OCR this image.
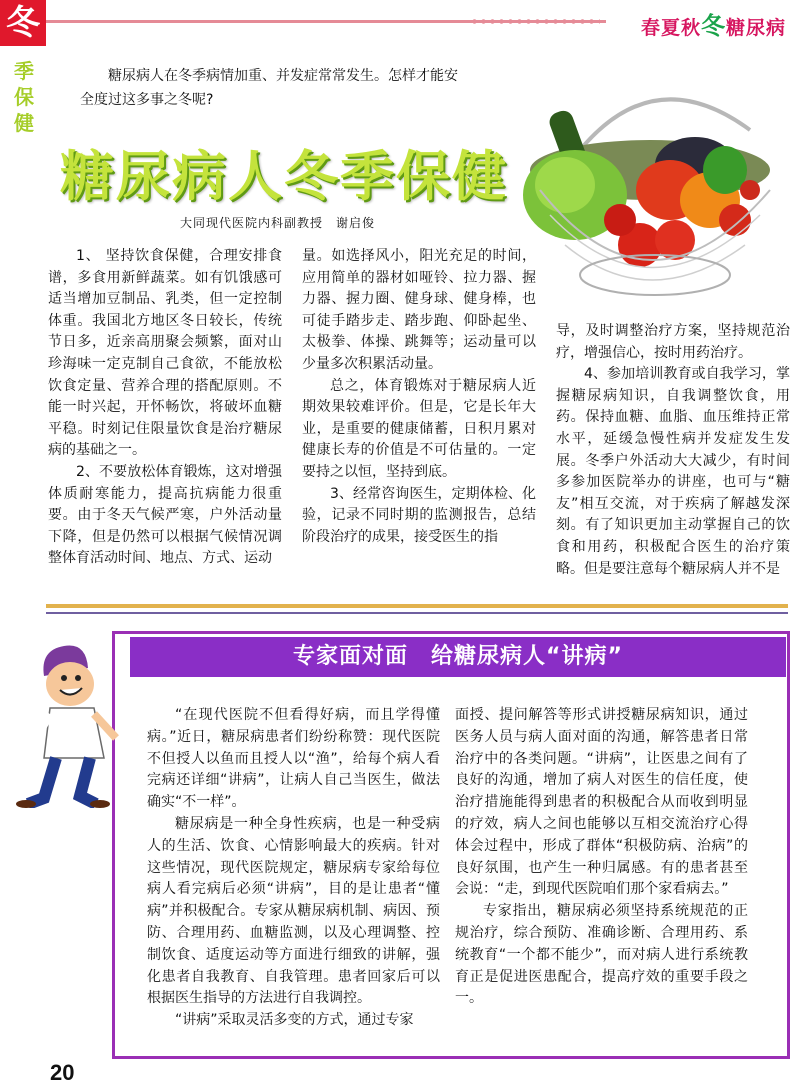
冬	春夏秋冬糖尿病
季
保
健
糖尿病人在冬季病情加重、并发症常常发生。怎样才能安全度过这多事之冬呢?
糖尿病人冬季保健
大同现代医院内科副教授　谢启俊

1、 坚持饮食保健，合理安排食谱，多食用新鲜蔬菜。如有饥饿感可适当增加豆制品、乳类，但一定控制体重。我国北方地区冬日较长，传统节日多，近亲高朋聚会频繁，面对山珍海味一定克制自己食欲，不能放松饮食定量、营养合理的搭配原则。不能一时兴起，开怀畅饮，将破坏血糖平稳。时刻记住限量饮食是治疗糖尿病的基础之一。

2、不要放松体育锻炼，这对增强体质耐寒能力，提高抗病能力很重要。由于冬天气候严寒，户外活动量下降，但是仍然可以根据气候情况调整体育活动时间、地点、方式、运动

量。如选择风小，阳光充足的时间，应用简单的器材如哑铃、拉力器、握力器、握力圈、健身球、健身棒，也可徒手踏步走、踏步跑、仰卧起坐、太极拳、体操、跳舞等；运动量可以少量多次积累活动量。

总之，体育锻炼对于糖尿病人近期效果较难评价。但是，它是长年大业，是重要的健康储蓄，日积月累对健康长寿的价值是不可估量的。一定要持之以恒，坚持到底。

3、经常咨询医生，定期体检、化验，记录不同时期的监测报告，总结阶段治疗的成果，接受医生的指

导，及时调整治疗方案，坚持规范治疗，增强信心，按时用药治疗。

4、参加培训教育或自我学习，掌握糖尿病知识，自我调整饮食，用药。保持血糖、血脂、血压维持正常水平，延缓急慢性病并发症发生发展。冬季户外活动大大减少，有时间多参加医院举办的讲座，也可与“糖友”相互交流，对于疾病了解越发深刻。有了知识更加主动掌握自己的饮食和用药，积极配合医生的治疗策略。但是要注意每个糖尿病人并不是

专家面对面　给糖尿病人“讲病”

“在现代医院不但看得好病，而且学得懂病。”近日，糖尿病患者们纷纷称赞：现代医院不但授人以鱼而且授人以“渔”，给每个病人看完病还详细“讲病”，让病人自己当医生，做法确实“不一样”。

糖尿病是一种全身性疾病，也是一种受病人的生活、饮食、心情影响最大的疾病。针对这些情况，现代医院规定，糖尿病专家给每位病人看完病后必须“讲病”，目的是让患者“懂病”并积极配合。专家从糖尿病机制、病因、预防、合理用药、血糖监测，以及心理调整、控制饮食、适度运动等方面进行细致的讲解，强化患者自我教育、自我管理。患者回家后可以根据医生指导的方法进行自我调控。

“讲病”采取灵活多变的方式，通过专家

面授、提问解答等形式讲授糖尿病知识，通过医务人员与病人面对面的沟通，解答患者日常治疗中的各类问题。“讲病”，让医患之间有了良好的沟通，增加了病人对医生的信任度，使治疗措施能得到患者的积极配合从而收到明显的疗效，病人之间也能够以互相交流治疗心得体会过程中，形成了群体“积极防病、治病”的良好氛围，也产生一种归属感。有的患者甚至会说：“走，到现代医院咱们那个家看病去。”

专家指出，糖尿病必须坚持系统规范的正规治疗，综合预防、准确诊断、合理用药、系统教育“一个都不能少”，而对病人进行系统教育正是促进医患配合，提高疗效的重要手段之一。

20
